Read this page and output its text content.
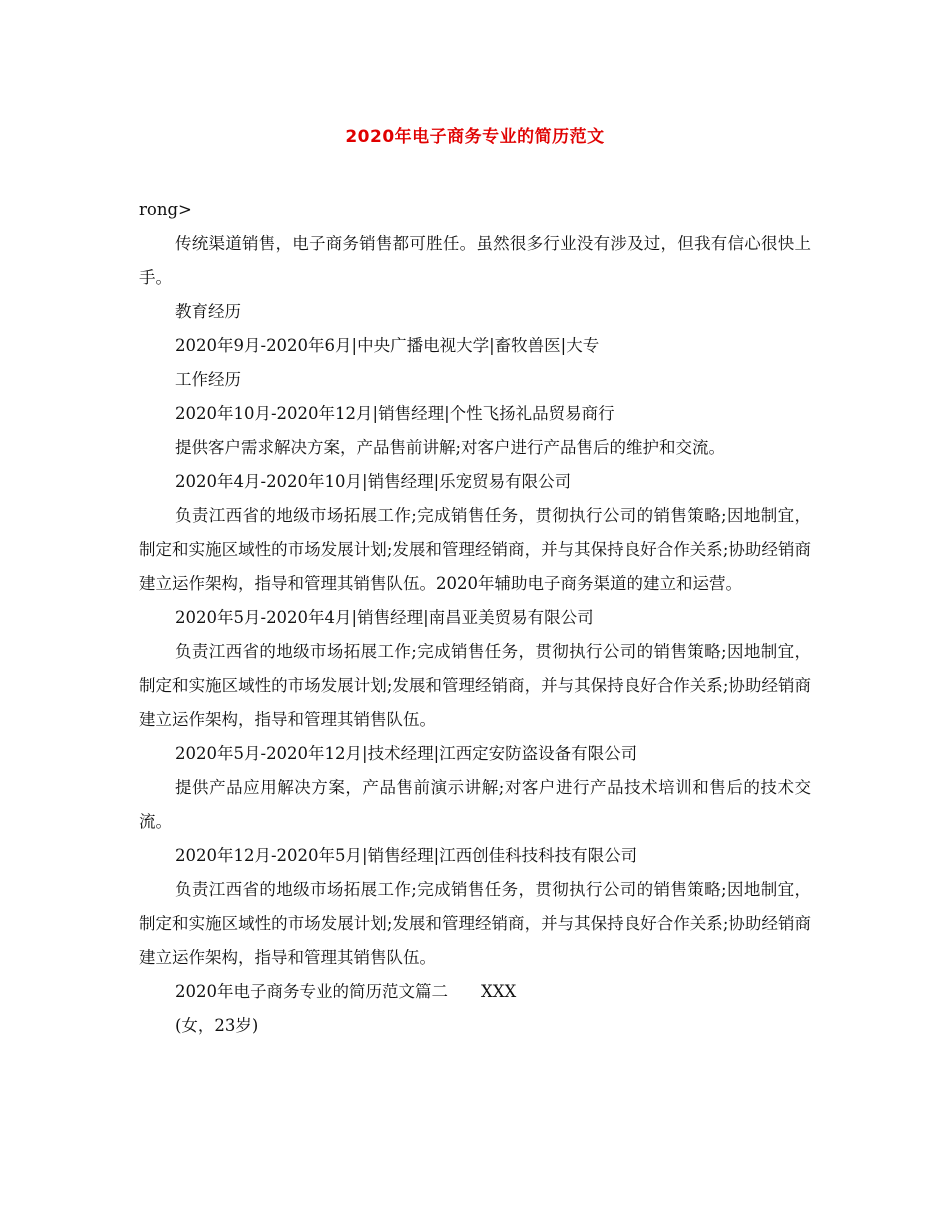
2020年电子商务专业的简历范文

rong>

传统渠道销售，电子商务销售都可胜任。虽然很多行业没有涉及过，但我有信心很快上手。

教育经历

2020年9月-2020年6月|中央广播电视大学|畜牧兽医|大专

工作经历

2020年10月-2020年12月|销售经理|个性飞扬礼品贸易商行

提供客户需求解决方案，产品售前讲解;对客户进行产品售后的维护和交流。

2020年4月-2020年10月|销售经理|乐宠贸易有限公司

负责江西省的地级市场拓展工作;完成销售任务，贯彻执行公司的销售策略;因地制宜，制定和实施区域性的市场发展计划;发展和管理经销商，并与其保持良好合作关系;协助经销商建立运作架构，指导和管理其销售队伍。2020年辅助电子商务渠道的建立和运营。

2020年5月-2020年4月|销售经理|南昌亚美贸易有限公司

负责江西省的地级市场拓展工作;完成销售任务，贯彻执行公司的销售策略;因地制宜，制定和实施区域性的市场发展计划;发展和管理经销商，并与其保持良好合作关系;协助经销商建立运作架构，指导和管理其销售队伍。

2020年5月-2020年12月|技术经理|江西定安防盗设备有限公司

提供产品应用解决方案，产品售前演示讲解;对客户进行产品技术培训和售后的技术交流。

2020年12月-2020年5月|销售经理|江西创佳科技科技有限公司

负责江西省的地级市场拓展工作;完成销售任务，贯彻执行公司的销售策略;因地制宜，制定和实施区域性的市场发展计划;发展和管理经销商，并与其保持良好合作关系;协助经销商建立运作架构，指导和管理其销售队伍。

2020年电子商务专业的简历范文篇二　　XXX

(女，23岁)
